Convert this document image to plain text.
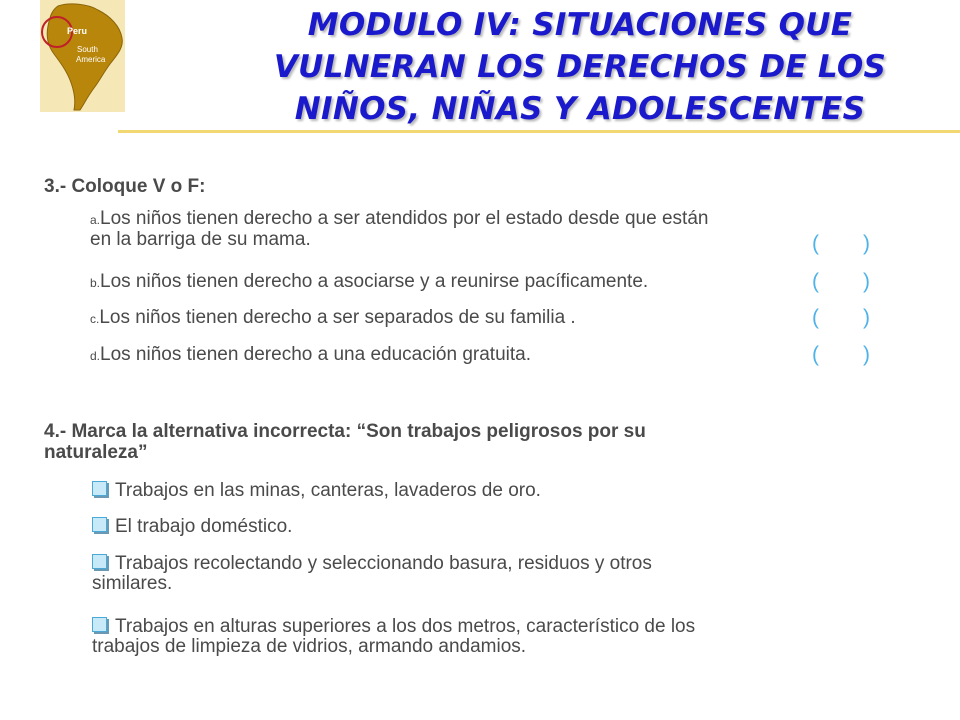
Peru
South
America
MODULO IV: SITUACIONES QUE
VULNERAN LOS DERECHOS DE LOS
NIÑOS, NIÑAS Y ADOLESCENTES
3.- Coloque V o F:
a.Los niños tienen derecho a ser atendidos por el estado desde que están
en la barriga de su mama.	( )
b.Los niños tienen derecho a asociarse y a reunirse pacíficamente.	( )
c.Los niños tienen derecho a ser separados de su familia .	( )
d.Los niños tienen derecho a una educación gratuita.	( )
4.- Marca la alternativa incorrecta: “Son trabajos peligrosos por su
naturaleza”
Trabajos en las minas, canteras, lavaderos de oro.
El trabajo doméstico.
Trabajos recolectando y seleccionando basura, residuos y otros
similares.
Trabajos en alturas superiores a los dos metros, característico de los
trabajos de limpieza de vidrios, armando andamios.
